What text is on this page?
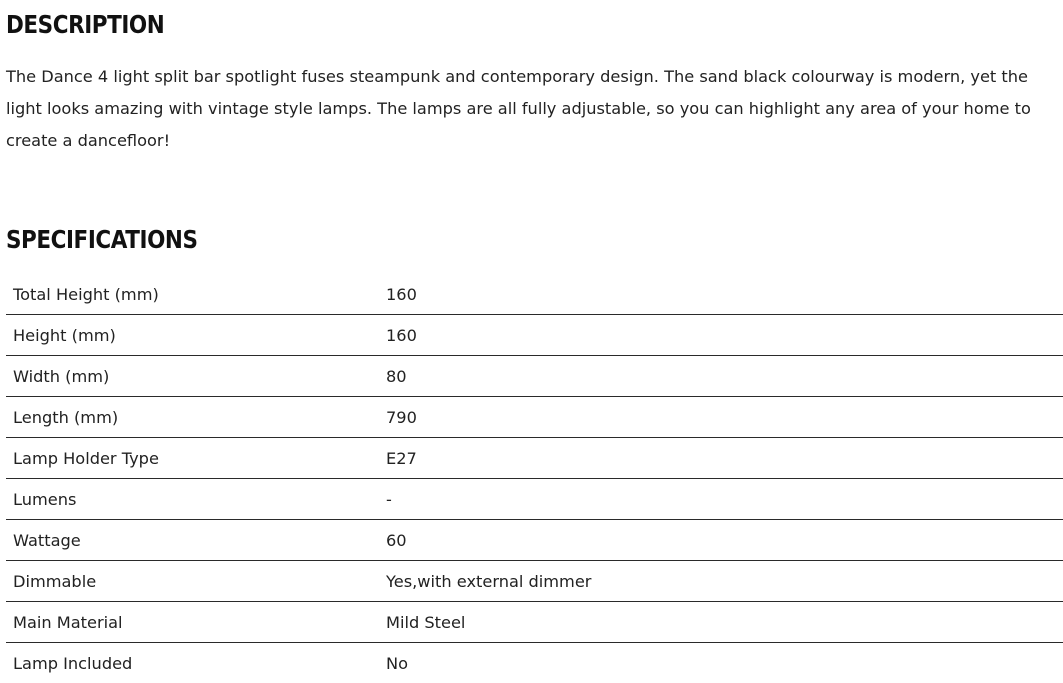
DESCRIPTION

The Dance 4 light split bar spotlight fuses steampunk and contemporary design. The sand black colourway is modern, yet the light looks amazing with vintage style lamps. The lamps are all fully adjustable, so you can highlight any area of your home to create a dancefloor!

SPECIFICATIONS
Total Height (mm)	160
Height (mm)	160
Width (mm)	80
Length (mm)	790
Lamp Holder Type	E27
Lumens	-
Wattage	60
Dimmable	Yes,with external dimmer
Main Material	Mild Steel
Lamp Included	No
